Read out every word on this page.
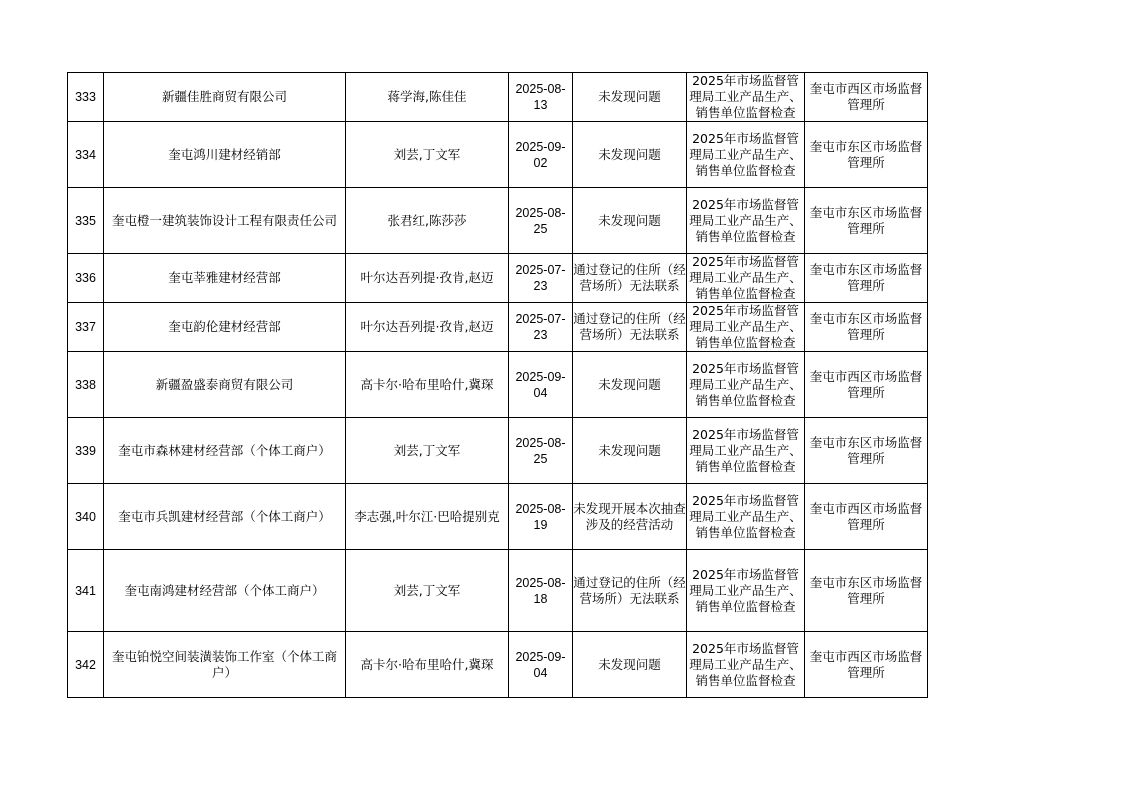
333	新疆佳胜商贸有限公司	蒋学海,陈佳佳	2025-08-13	未发现问题	2025年市场监督管理局工业产品生产、销售单位监督检查	奎屯市西区市场监督管理所
334	奎屯鸿川建材经销部	刘芸,丁文军	2025-09-02	未发现问题	2025年市场监督管理局工业产品生产、销售单位监督检查	奎屯市东区市场监督管理所
335	奎屯橙一建筑装饰设计工程有限责任公司	张君红,陈莎莎	2025-08-25	未发现问题	2025年市场监督管理局工业产品生产、销售单位监督检查	奎屯市东区市场监督管理所
336	奎屯莘雅建材经营部	叶尔达吾列提·孜肯,赵迈	2025-07-23	通过登记的住所（经营场所）无法联系	2025年市场监督管理局工业产品生产、销售单位监督检查	奎屯市东区市场监督管理所
337	奎屯韵伦建材经营部	叶尔达吾列提·孜肯,赵迈	2025-07-23	通过登记的住所（经营场所）无法联系	2025年市场监督管理局工业产品生产、销售单位监督检查	奎屯市东区市场监督管理所
338	新疆盈盛泰商贸有限公司	高卡尔·哈布里哈什,冀琛	2025-09-04	未发现问题	2025年市场监督管理局工业产品生产、销售单位监督检查	奎屯市西区市场监督管理所
339	奎屯市森林建材经营部（个体工商户）	刘芸,丁文军	2025-08-25	未发现问题	2025年市场监督管理局工业产品生产、销售单位监督检查	奎屯市东区市场监督管理所
340	奎屯市兵凯建材经营部（个体工商户）	李志强,叶尔江·巴哈提别克	2025-08-19	未发现开展本次抽查涉及的经营活动	2025年市场监督管理局工业产品生产、销售单位监督检查	奎屯市西区市场监督管理所
341	奎屯南鸿建材经营部（个体工商户）	刘芸,丁文军	2025-08-18	通过登记的住所（经营场所）无法联系	2025年市场监督管理局工业产品生产、销售单位监督检查	奎屯市东区市场监督管理所
342	奎屯铂悦空间装潢装饰工作室（个体工商户）	高卡尔·哈布里哈什,冀琛	2025-09-04	未发现问题	2025年市场监督管理局工业产品生产、销售单位监督检查	奎屯市西区市场监督管理所
